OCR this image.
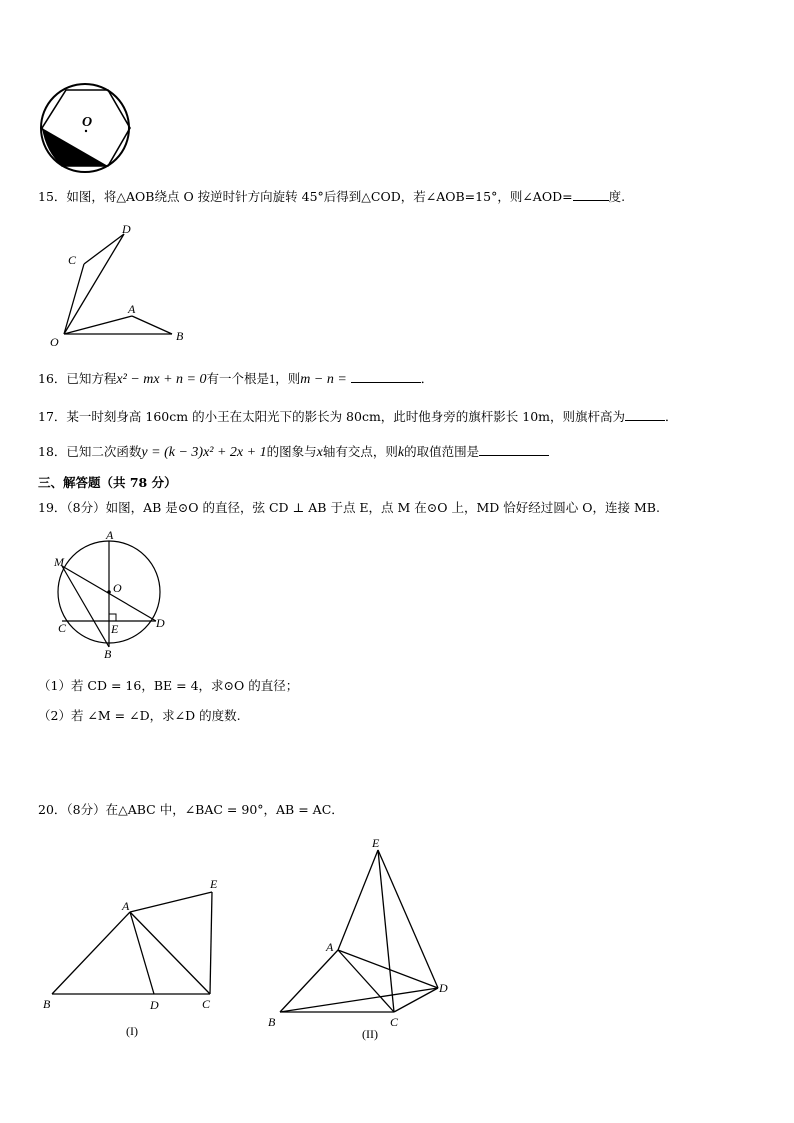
O
15．如图，将△AOB绕点 O 按逆时针方向旋转 45°后得到△COD，若∠AOB=15°，则∠AOD=	度.
C
D
A
O	B
16．已知方程x² − mx + n = 0有一个根是1，则m − n =	．
17．某一时刻身高 160cm 的小王在太阳光下的影长为 80cm，此时他身旁的旗杆影长 10m，则旗杆高为	．
18．已知二次函数y = (k − 3)x² + 2x + 1的图象与x轴有交点，则k的取值范围是
三、解答题（共 78 分）
19．（8分）如图，AB 是⊙O 的直径，弦 CD ⊥ AB 于点 E，点 M 在⊙O 上，MD 恰好经过圆心 O，连接 MB.
A
M
O
C	E	D
B
（1）若 CD = 16，BE = 4，求⊙O 的直径；
（2）若 ∠M = ∠D，求∠D 的度数.
20．（8分）在△ABC 中，∠BAC = 90°，AB = AC．
A
E
B	D	C
(I)
E
A
D
B	C
(II)
